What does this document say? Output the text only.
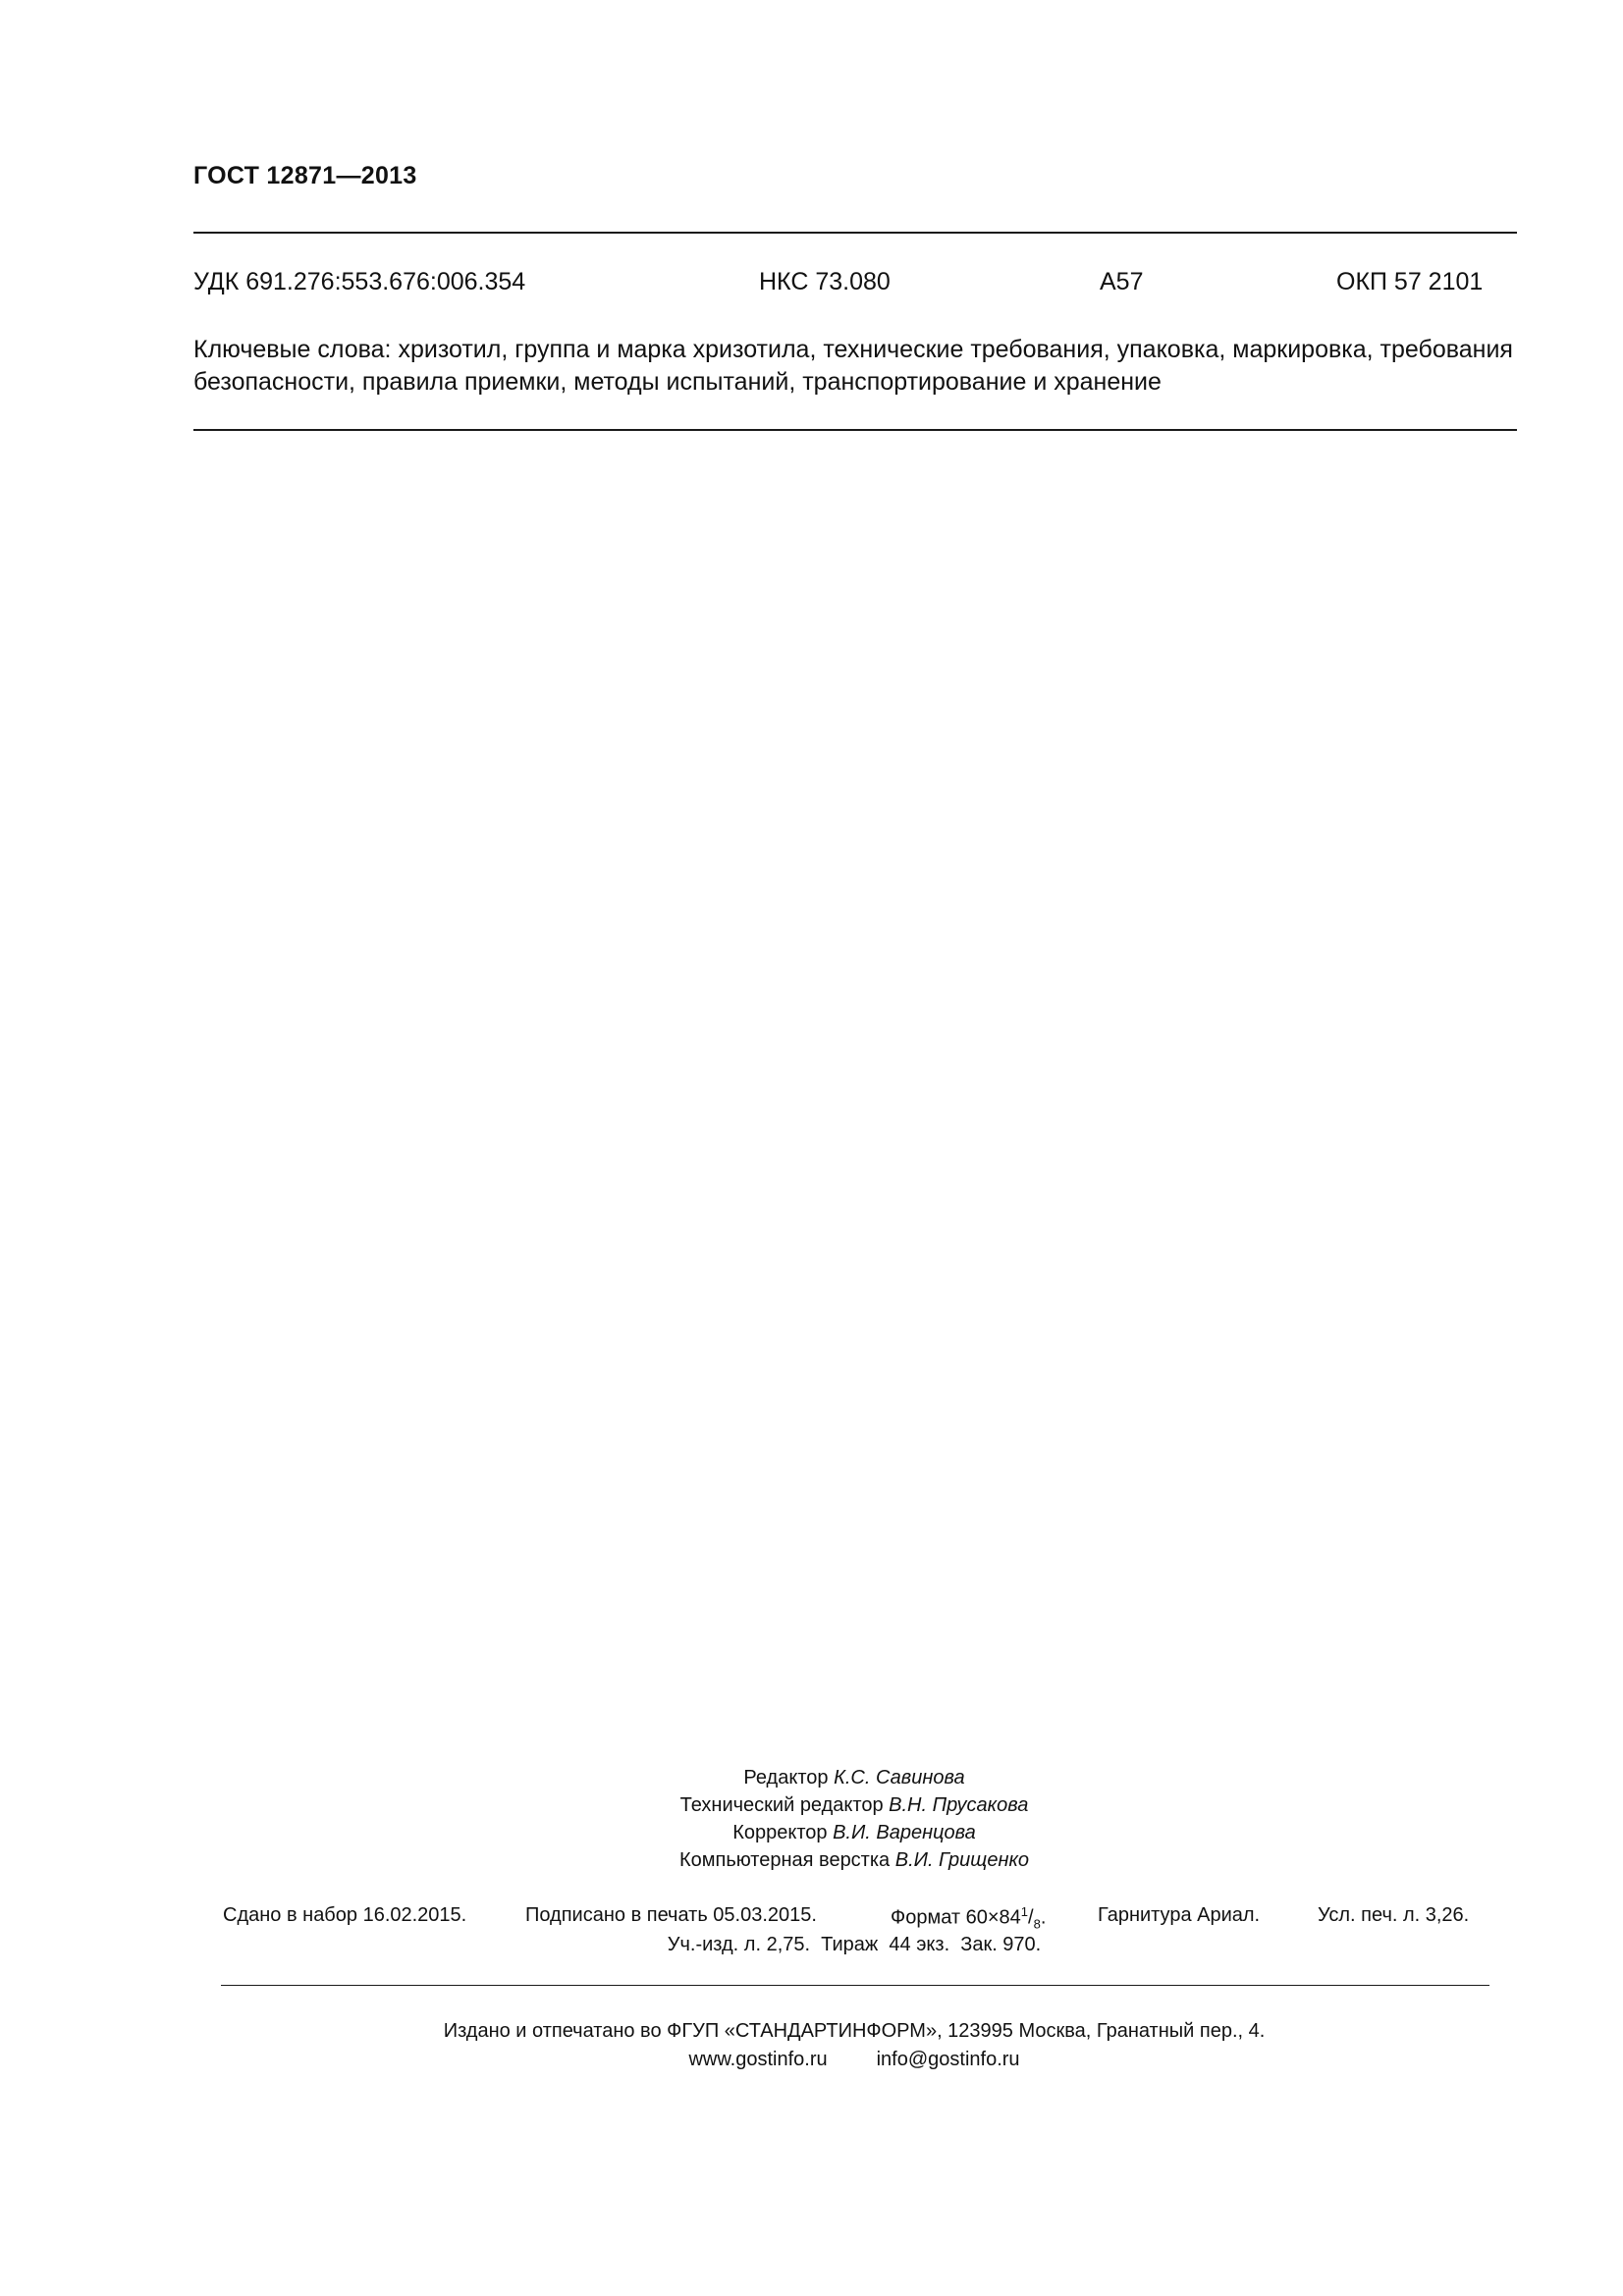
ГОСТ 12871—2013
УДК 691.276:553.676:006.354	НКС 73.080	А57	ОКП 57 2101
Ключевые слова: хризотил, группа и марка хризотила, технические требования, упаковка, маркировка, требования безопасности, правила приемки, методы испытаний, транспортирование и хранение
Редактор К.С. Савинова
Технический редактор В.Н. Прусакова
Корректор В.И. Варенцова
Компьютерная верстка В.И. Грищенко
Сдано в набор 16.02.2015.	Подписано в печать 05.03.2015.	Формат $60\times 84^1/_8$.	Гарнитура Ариал.	Усл. печ. л. 3,26.
Уч.-изд. л. 2,75.  Тираж  44 экз.  Зак. 970.
Издано и отпечатано во ФГУП «СТАНДАРТИНФОРМ», 123995 Москва, Гранатный пер., 4.
www.gostinfo.ru	info@gostinfo.ru
